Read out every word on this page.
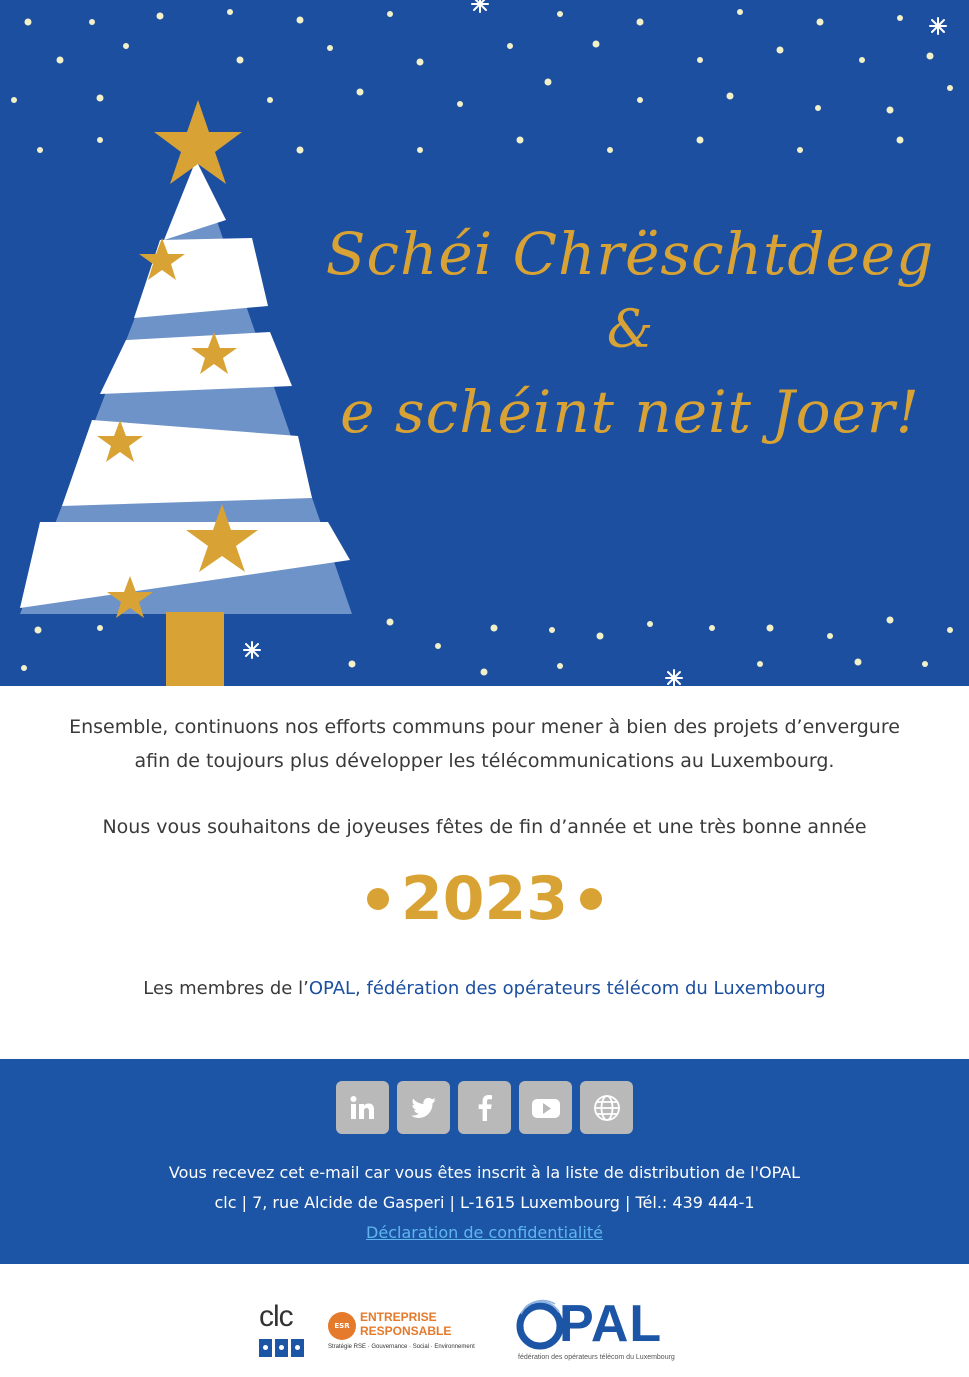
Schéi Chrëschtdeeg
&
e schéint neit Joer!
Ensemble, continuons nos efforts communs pour mener à bien des projets d’envergure
afin de toujours plus développer les télécommunications au Luxembourg.
Nous vous souhaitons de joyeuses fêtes de fin d’année et une très bonne année
2023
Les membres de l’OPAL, fédération des opérateurs télécom du Luxembourg
Vous recevez cet e-mail car vous êtes inscrit à la liste de distribution de l'OPAL
clc | 7, rue Alcide de Gasperi | L-1615 Luxembourg | Tél.: 439 444-1
Déclaration de confidentialité
clc	ESR
ENTREPRISE
RESPONSABLE
Stratégie RSE · Gouvernance · Social · Environnement PAL
fédération des opérateurs télécom du Luxembourg
